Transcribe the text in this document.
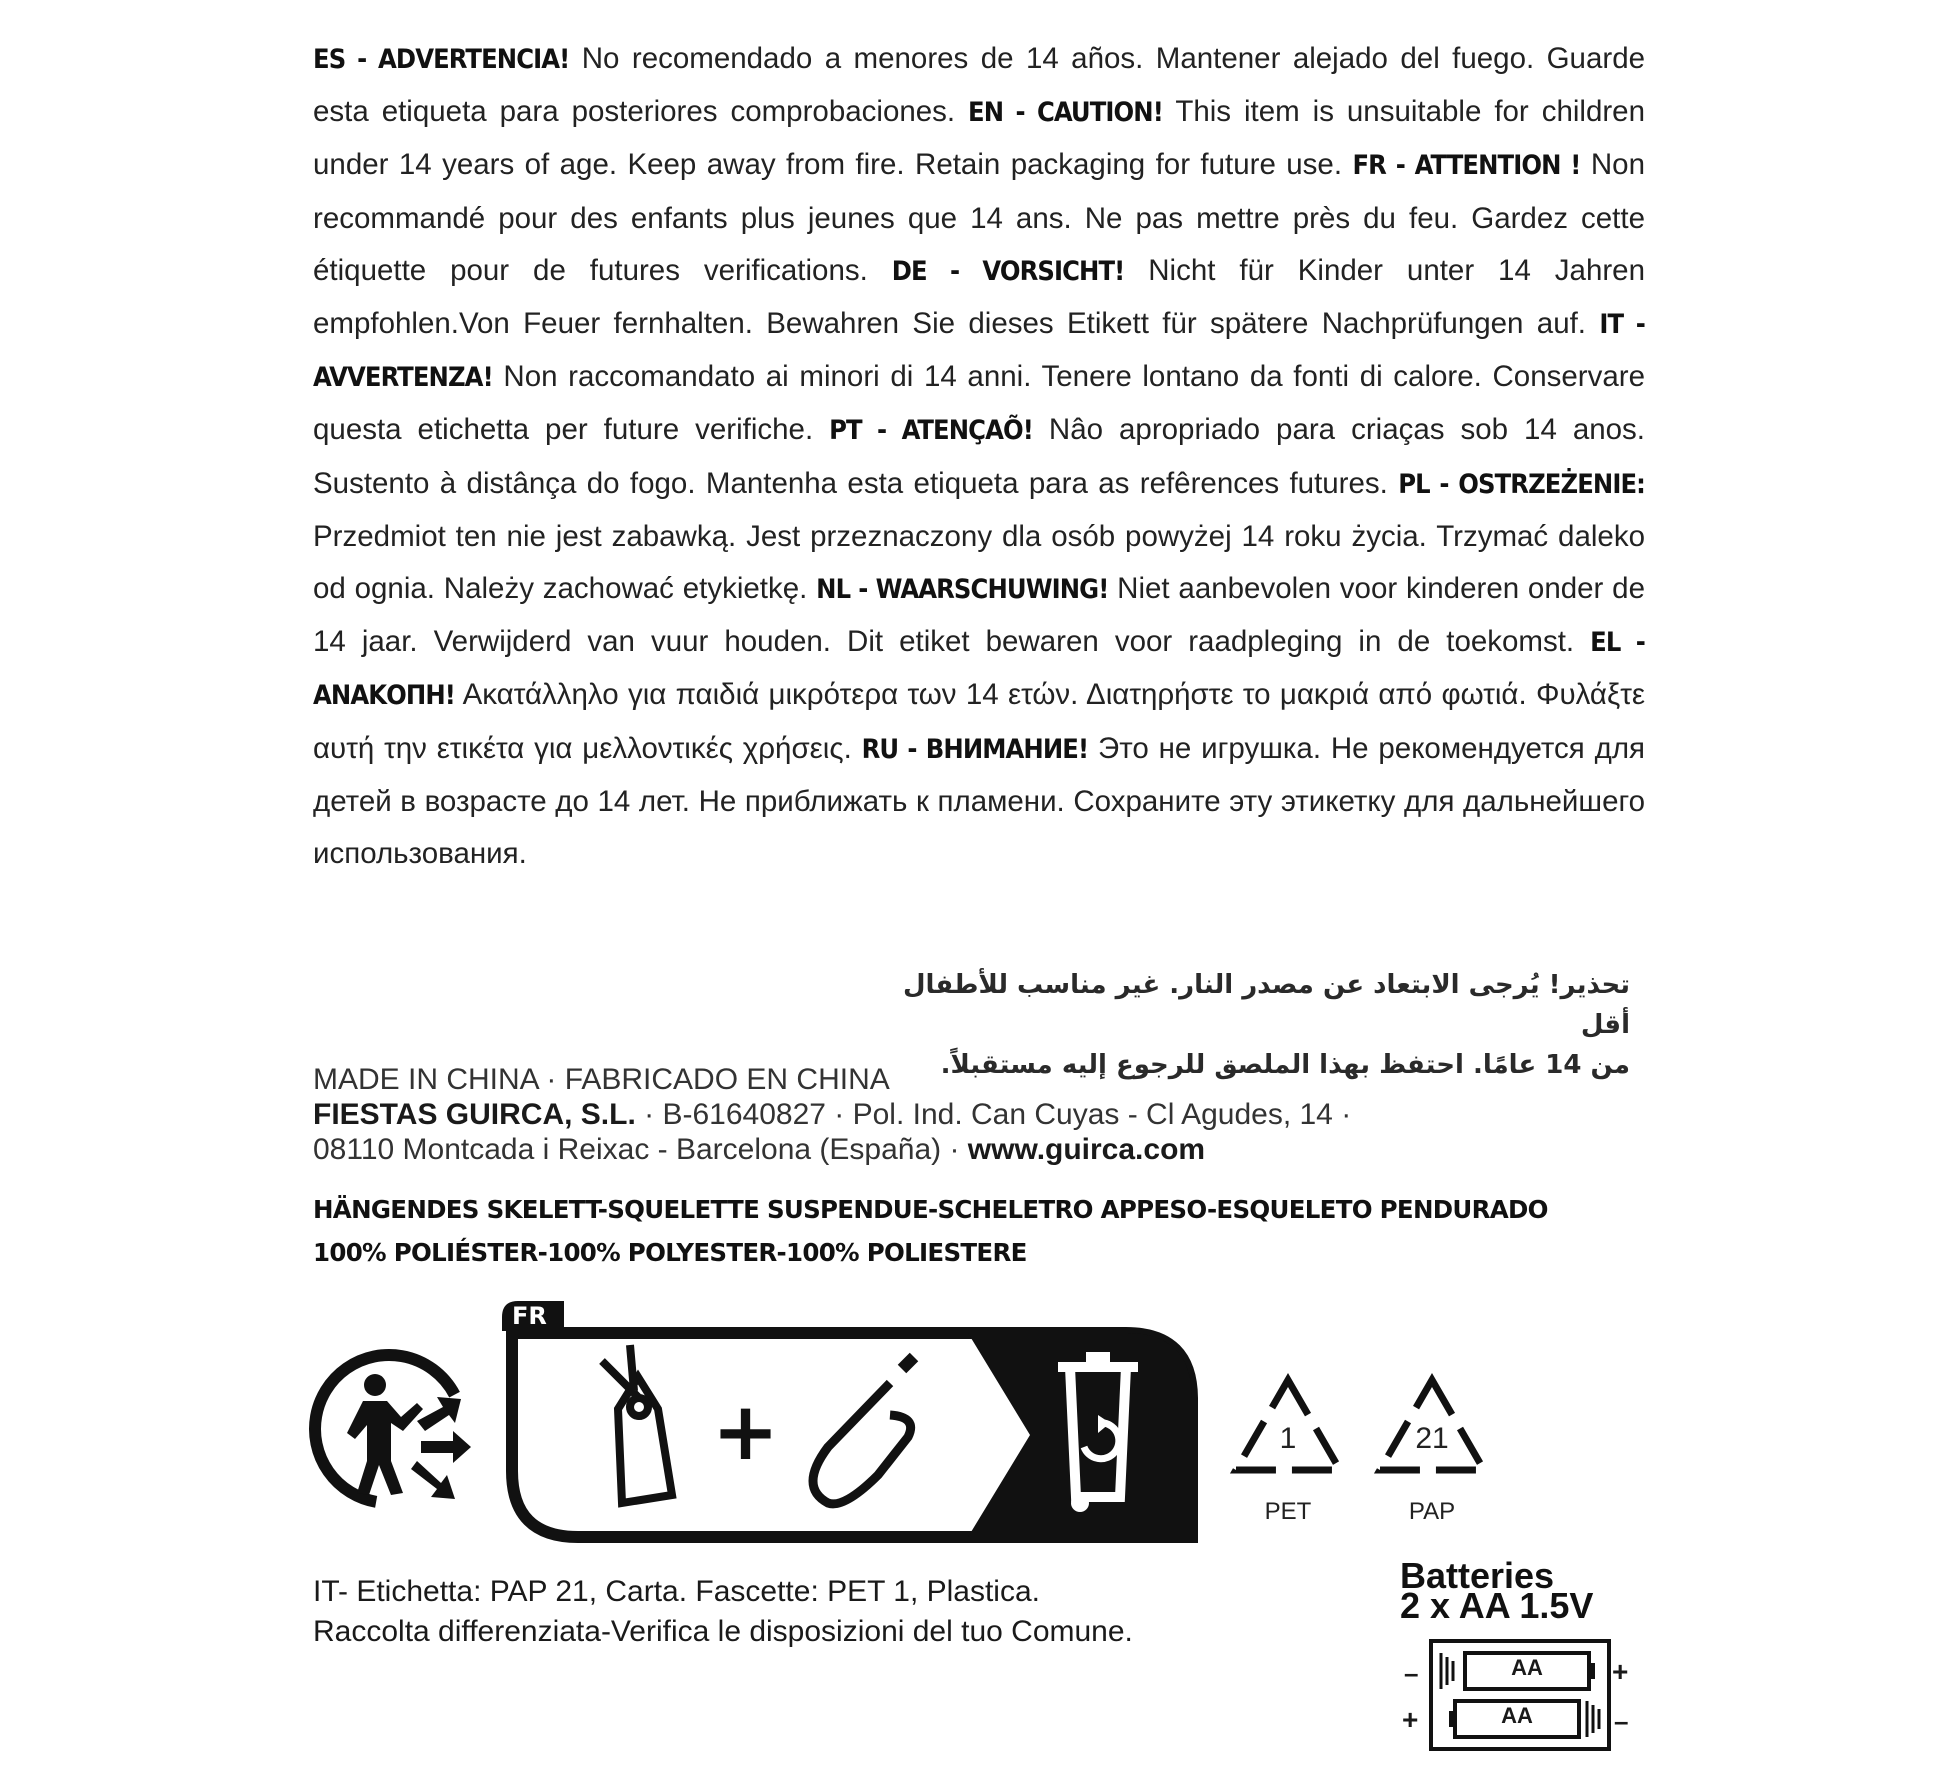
ES - ADVERTENCIA! No recomendado a menores de 14 años. Mantener alejado del fuego. Guarde esta etiqueta para posteriores comprobaciones. EN - CAUTION! This item is unsuitable for children under 14 years of age. Keep away from fire. Retain packaging for future use. FR - ATTENTION ! Non recommandé pour des enfants plus jeunes que 14 ans. Ne pas mettre près du feu. Gardez cette étiquette pour de futures verifications. DE - VORSICHT! Nicht für Kinder unter 14 Jahren empfohlen.Von Feuer fernhalten. Bewahren Sie dieses Etikett für spätere Nachprüfungen auf. IT - AVVERTENZA! Non raccomandato ai minori di 14 anni. Tenere lontano da fonti di calore. Conservare questa etichetta per future verifiche. PT - ATENÇAÕ! Nâo apropriado para criaças sob 14 anos. Sustento à distânça do fogo. Mantenha esta etiqueta para as refêrences futures. PL - OSTRZEŻENIE: Przedmiot ten nie jest zabawką. Jest przeznaczony dla osób powyżej 14 roku życia. Trzymać daleko od ognia. Należy zachować etykietkę. NL - WAARSCHUWING! Niet aanbevolen voor kinderen onder de 14 jaar. Verwijderd van vuur houden. Dit etiket bewaren voor raadpleging in de toekomst. EL - ΑΝΑΚΟΠΗ! Ακατάλληλο για παιδιά μικρότερα των 14 ετών. Διατηρήστε το μακριά από φωτιά. Φυλάξτε αυτή την ετικέτα για μελλοντικές χρήσεις. RU - ВНИМАНИЕ! Это не игрушка. Не рекомендуется для детей в возрасте до 14 лет. Не приближать к пламени. Сохраните эту этикетку для дальнейшего использования.
تحذير! يُرجى الابتعاد عن مصدر النار. غير مناسب للأطفال أقل
من 14 عامًا. احتفظ بهذا الملصق للرجوع إليه مستقبلاً.
MADE IN CHINA · FABRICADO EN CHINA
FIESTAS GUIRCA, S.L. · B-61640827 · Pol. Ind. Can Cuyas - Cl Agudes, 14 ·
08110 Montcada i Reixac - Barcelona (España) · www.guirca.com
HÄNGENDES SKELETT-SQUELETTE SUSPENDUE-SCHELETRO APPESO-ESQUELETO PENDURADO
100% POLIÉSTER-100% POLYESTER-100% POLIESTERE
FR
+	1
PET
21
PAP
IT- Etichetta: PAP 21, Carta. Fascette: PET 1, Plastica.
Raccolta differenziata-Verifica le disposizioni del tuo Comune.
Batteries
2 x AA 1.5V
AA
AA
–	+
+	–
